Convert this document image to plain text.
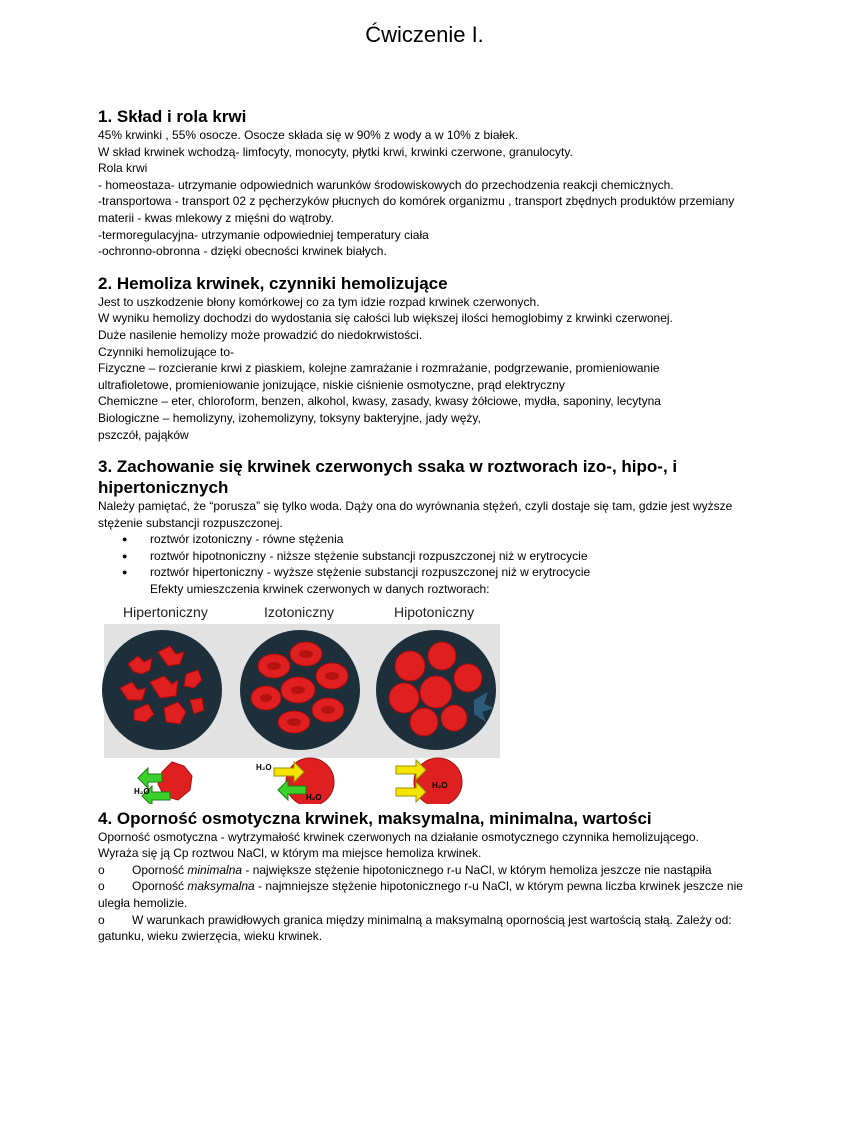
Ćwiczenie I.
1. Skład i rola krwi
45% krwinki , 55% osocze. Osocze składa się w 90% z wody a w 10% z białek.
W skład krwinek wchodzą- limfocyty, monocyty, płytki krwi, krwinki czerwone, granulocyty.
Rola krwi
- homeostaza- utrzymanie odpowiednich warunków środowiskowych do przechodzenia reakcji chemicznych.
-transportowa - transport 02 z pęcherzyków płucnych do komórek organizmu , transport zbędnych produktów przemiany materii - kwas mlekowy z mięśni do wątroby.
-termoregulacyjna- utrzymanie odpowiedniej temperatury ciała
-ochronno-obronna - dzięki obecności krwinek białych.
2. Hemoliza krwinek, czynniki hemolizujące
Jest to uszkodzenie błony komórkowej co za tym idzie rozpad krwinek czerwonych.
W wyniku hemolizy dochodzi do wydostania się całości lub większej ilości hemoglobimy z krwinki czerwonej.
Duże nasilenie hemolizy może prowadzić do niedokrwistości.
Czynniki hemolizujące to-
Fizyczne – rozcieranie krwi z piaskiem, kolejne zamrażanie i rozmrażanie, podgrzewanie, promieniowanie ultrafioletowe, promieniowanie jonizujące, niskie ciśnienie osmotyczne, prąd elektryczny
Chemiczne – eter, chloroform, benzen, alkohol, kwasy, zasady, kwasy żółciowe, mydła, saponiny, lecytyna
Biologiczne – hemolizyny, izohemolizyny, toksyny bakteryjne, jady węży,
pszczół, pająków
3. Zachowanie się krwinek czerwonych ssaka w roztworach izo-, hipo-, i hipertonicznych
Należy pamiętać, że “porusza” się tylko woda. Dąży ona do wyrównania stężeń, czyli dostaje się tam, gdzie jest wyższe stężenie substancji rozpuszczonej.
● roztwór izotoniczny - równe stężenia
● roztwór hipotnoniczny - niższe stężenie substancji rozpuszczonej niż w erytrocycie
● roztwór hipertoniczny - wyższe stężenie substancji rozpuszczonej niż w erytrocycie
Efekty umieszczenia krwinek czerwonych w danych roztworach:
Hipertoniczny	Izotoniczny	Hipotoniczny
H₂O
H₂O
H₂O
H₂O
4. Oporność osmotyczna krwinek, maksymalna, minimalna, wartości
Oporność osmotyczna - wytrzymałość krwinek czerwonych na działanie osmotycznego czynnika hemolizującego.
Wyraża się ją Cp roztwou NaCl, w którym ma miejsce hemoliza krwinek.
o Oporność minimalna - największe stężenie hipotonicznego r-u NaCl, w którym hemoliza jeszcze nie nastąpiła
o Oporność maksymalna - najmniejsze stężenie hipotonicznego r-u NaCl, w którym pewna liczba krwinek jeszcze nie uległa hemolizie.
o W warunkach prawidłowych granica między minimalną a maksymalną opornością jest wartością stałą. Zależy od: gatunku, wieku zwierzęcia, wieku krwinek.
